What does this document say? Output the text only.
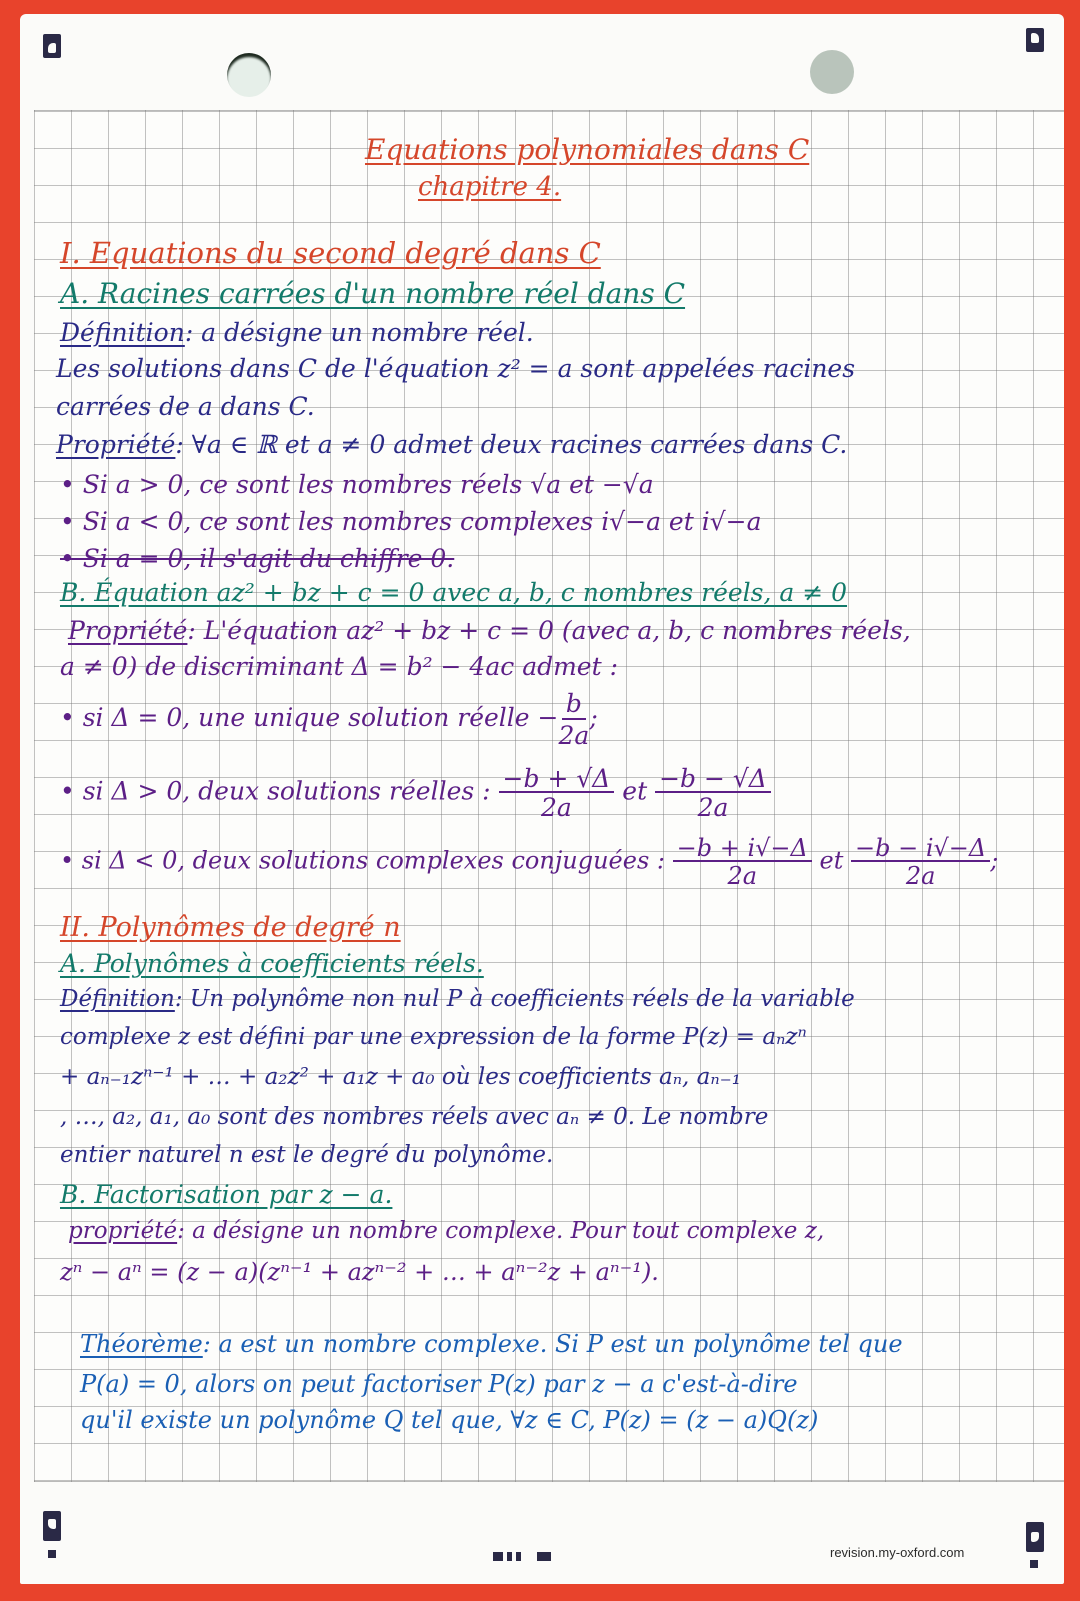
Equations polynomiales dans C
chapitre 4.
I. Equations du second degré dans C
A. Racines carrées d'un nombre réel dans C
Définition: a désigne un nombre réel.
Les solutions dans C de l'équation z² = a sont appelées racines
carrées de a dans C.
Propriété: ∀a ∈ ℝ et a ≠ 0 admet deux racines carrées dans C.
• Si a > 0, ce sont les nombres réels √a et −√a
• Si a < 0, ce sont les nombres complexes i√−a et i√−a
• Si a = 0, il s'agit du chiffre 0.
B. Équation az² + bz + c = 0 avec a, b, c nombres réels, a ≠ 0
Propriété: L'équation az² + bz + c = 0 (avec a, b, c nombres réels,
a ≠ 0) de discriminant Δ = b² − 4ac admet :
• si Δ = 0, une unique solution réelle − $\frac{b}{2a}$ ;
• si Δ > 0, deux solutions réelles : $\frac{-b + √\Delta}{2a}$ et $\frac{-b - √\Delta}{2a}$
• si Δ < 0, deux solutions complexes conjuguées : $\frac{-b + i√-\Delta}{2a}$ et $\frac{-b - i√-\Delta}{2a}$ ;
II. Polynômes de degré n
A. Polynômes à coefficients réels.
Définition: Un polynôme non nul P à coefficients réels de la variable
complexe z est défini par une expression de la forme P(z) = aₙzⁿ
+ aₙ₋₁zⁿ⁻¹ + … + a₂z² + a₁z + a₀ où les coefficients aₙ, aₙ₋₁
, …, a₂, a₁, a₀ sont des nombres réels avec aₙ ≠ 0. Le nombre
entier naturel n est le degré du polynôme.
B. Factorisation par z − a.
propriété: a désigne un nombre complexe. Pour tout complexe z,
zⁿ − aⁿ = (z − a)(zⁿ⁻¹ + azⁿ⁻² + … + aⁿ⁻²z + aⁿ⁻¹).
Théorème: a est un nombre complexe. Si P est un polynôme tel que
P(a) = 0, alors on peut factoriser P(z) par z − a c'est-à-dire
qu'il existe un polynôme Q tel que, ∀z ∈ C, P(z) = (z − a)Q(z)
revision.my-oxford.com
